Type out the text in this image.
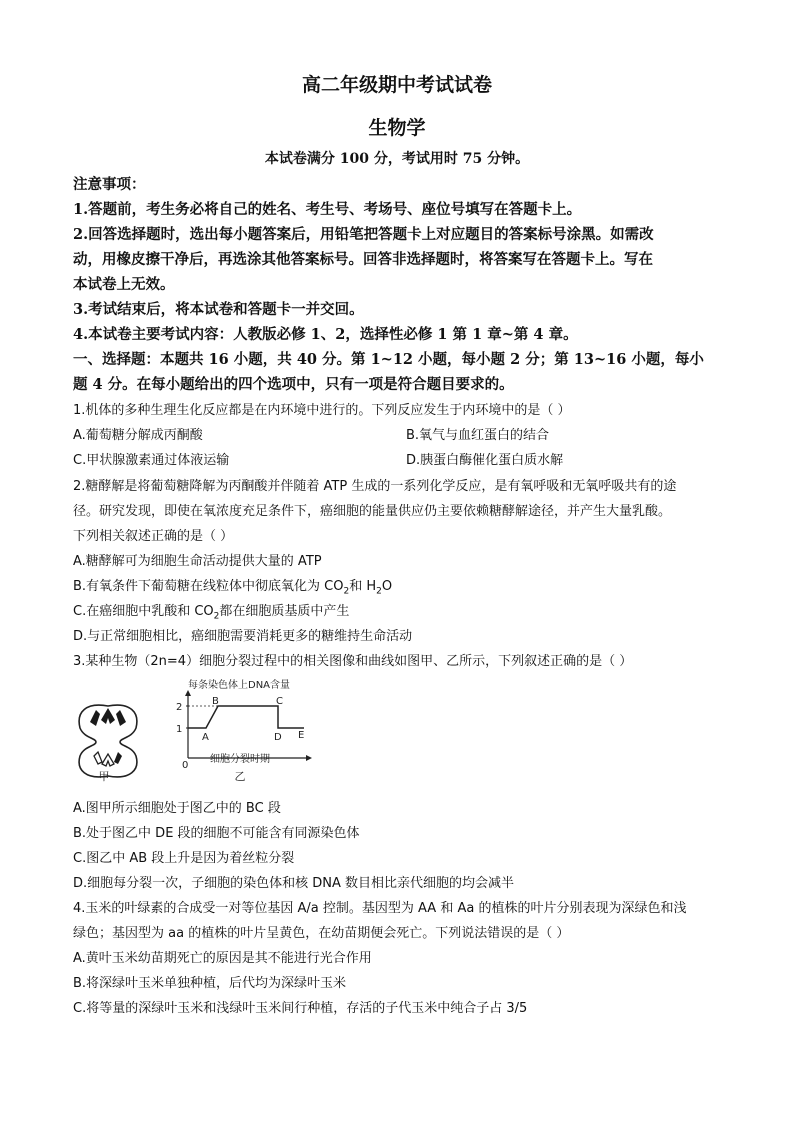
高二年级期中考试试卷
生物学
本试卷满分 100 分，考试用时 75 分钟。
注意事项：
1.答题前，考生务必将自己的姓名、考生号、考场号、座位号填写在答题卡上。
2.回答选择题时，选出每小题答案后，用铅笔把答题卡上对应题目的答案标号涂黑。如需改
动，用橡皮擦干净后，再选涂其他答案标号。回答非选择题时，将答案写在答题卡上。写在
本试卷上无效。
3.考试结束后，将本试卷和答题卡一并交回。
4.本试卷主要考试内容：人教版必修 1、2，选择性必修 1 第 1 章~第 4 章。
一、选择题：本题共 16 小题，共 40 分。第 1~12 小题，每小题 2 分；第 13~16 小题，每小
题 4 分。在每小题给出的四个选项中，只有一项是符合题目要求的。
1.机体的多种生理生化反应都是在内环境中进行的。下列反应发生于内环境中的是（ ）
A.葡萄糖分解成丙酮酸	B.氧气与血红蛋白的结合
C.甲状腺激素通过体液运输	D.胰蛋白酶催化蛋白质水解
2.糖酵解是将葡萄糖降解为丙酮酸并伴随着 ATP 生成的一系列化学反应，是有氧呼吸和无氧呼吸共有的途
径。研究发现，即使在氧浓度充足条件下，癌细胞的能量供应仍主要依赖糖酵解途径，并产生大量乳酸。
下列相关叙述正确的是（ ）
A.糖酵解可为细胞生命活动提供大量的 ATP
B.有氧条件下葡萄糖在线粒体中彻底氧化为 $CO_2$和 $H_2O$
C.在癌细胞中乳酸和 $CO_2$都在细胞质基质中产生
D.与正常细胞相比，癌细胞需要消耗更多的糖维持生命活动
3.某种生物（2n=4）细胞分裂过程中的相关图像和曲线如图甲、乙所示，下列叙述正确的是（ ）
甲
每条染色体上DNA含量
2
1
0
A
B	C
D E
细胞分裂时期
乙
A.图甲所示细胞处于图乙中的 BC 段
B.处于图乙中 DE 段的细胞不可能含有同源染色体
C.图乙中 AB 段上升是因为着丝粒分裂
D.细胞每分裂一次，子细胞的染色体和核 DNA 数目相比亲代细胞的均会减半
4.玉米的叶绿素的合成受一对等位基因 A/a 控制。基因型为 AA 和 Aa 的植株的叶片分别表现为深绿色和浅
绿色；基因型为 aa 的植株的叶片呈黄色，在幼苗期便会死亡。下列说法错误的是（ ）
A.黄叶玉米幼苗期死亡的原因是其不能进行光合作用
B.将深绿叶玉米单独种植，后代均为深绿叶玉米
C.将等量的深绿叶玉米和浅绿叶玉米间行种植，存活的子代玉米中纯合子占 3/5
